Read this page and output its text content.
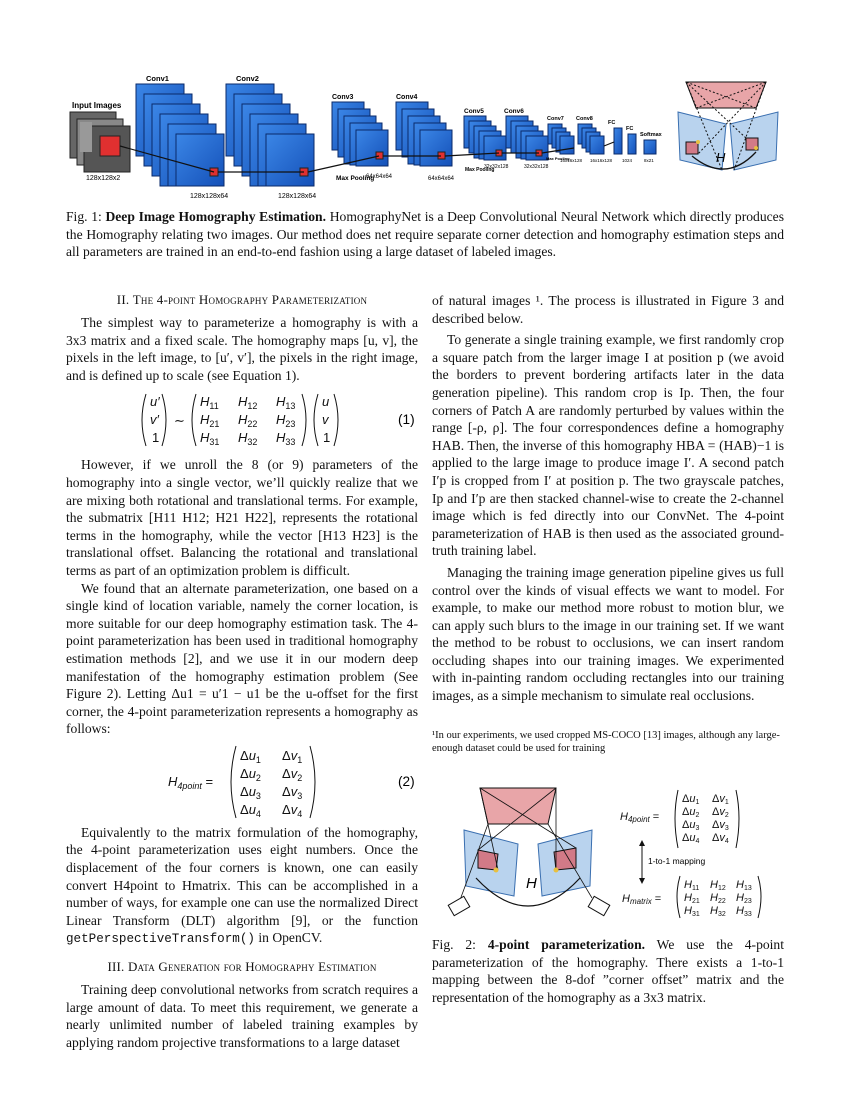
Input Images
128x128x2
Conv1
128x128x64
Conv2
128x128x64
Conv3
64x64x64
Max Pooling
Conv4
64x64x64
Conv5
32x32x128
Max Pooling
Conv6
32x32x128
Conv7
16x16x128
Max Pooling
Conv8
16x16x128
FC
FC
1024
Softmax
8x21	H

Fig. 1: Deep Image Homography Estimation. HomographyNet is a Deep Convolutional Neural Network which directly produces the Homography relating two images. Our method does net require separate corner detection and homography estimation steps and all parameters are trained in an end-to-end fashion using a large dataset of labeled images.

II. The 4-point Homography Parameterization

The simplest way to parameterize a homography is with a 3x3 matrix and a fixed scale. The homography maps [u, v], the pixels in the left image, to [u′, v′], the pixels in the right image, and is defined up to scale (see Equation 1).

u′
v′
1
∼
$H_{11}$ $H_{12}$ $H_{13}$
$H_{21}$ $H_{22}$ $H_{23}$
$H_{31}$ $H_{32}$ $H_{33}$
u
v
1
(1)

However, if we unroll the 8 (or 9) parameters of the homography into a single vector, we’ll quickly realize that we are mixing both rotational and translational terms. For example, the submatrix [H11 H12; H21 H22], represents the rotational terms in the homography, while the vector [H13 H23] is the translational offset. Balancing the rotational and translational terms as part of an optimization problem is difficult.

We found that an alternate parameterization, one based on a single kind of location variable, namely the corner location, is more suitable for our deep homography estimation task. The 4-point parameterization has been used in traditional homography estimation methods [2], and we use it in our modern deep manifestation of the homography estimation problem (See Figure 2). Letting Δu1 = u′1 − u1 be the u-offset for the first corner, the 4-point parameterization represents a homography as follows:

$H_{4point}$ =
$\Delta u_1$ $\Delta v_1$
$\Delta u_2$ $\Delta v_2$
$\Delta u_3$ $\Delta v_3$
$\Delta u_4$ $\Delta v_4$
(2)

Equivalently to the matrix formulation of the homography, the 4-point parameterization uses eight numbers. Once the displacement of the four corners is known, one can easily convert H4point to Hmatrix. This can be accomplished in a number of ways, for example one can use the normalized Direct Linear Transform (DLT) algorithm [9], or the function getPerspectiveTransform() in OpenCV.

III. Data Generation for Homography Estimation

Training deep convolutional networks from scratch requires a large amount of data. To meet this requirement, we generate a nearly unlimited number of labeled training examples by applying random projective transformations to a large dataset

of natural images ¹. The process is illustrated in Figure 3 and described below.

To generate a single training example, we first randomly crop a square patch from the larger image I at position p (we avoid the borders to prevent bordering artifacts later in the data generation pipeline). This random crop is Ip. Then, the four corners of Patch A are randomly perturbed by values within the range [-ρ, ρ]. The four correspondences define a homography HAB. Then, the inverse of this homography HBA = (HAB)−1 is applied to the large image to produce image I′. A second patch I′p is cropped from I′ at position p. The two grayscale patches, Ip and I′p are then stacked channel-wise to create the 2-channel image which is fed directly into our ConvNet. The 4-point parameterization of HAB is then used as the associated ground-truth training label.

Managing the training image generation pipeline gives us full control over the kinds of visual effects we want to model. For example, to make our method more robust to motion blur, we can apply such blurs to the image in our training set. If we want the method to be robust to occlusions, we can insert random occluding shapes into our training images. We experimented with in-painting random occluding rectangles into our training images, as a simple mechanism to simulate real occlusions.

¹In our experiments, we used cropped MS-COCO [13] images, although any large-enough dataset could be used for training

H
H4point =
Δu1 Δv1
Δu2 Δv2
Δu3 Δv3
Δu4 Δv4
Hmatrix =
H11 H12 H13
H21 H22 H23
H31 H32 H33
1-to-1 mapping

Fig. 2: 4-point parameterization. We use the 4-point parameterization of the homography. There exists a 1-to-1 mapping between the 8-dof ”corner offset” matrix and the representation of the homography as a 3x3 matrix.
